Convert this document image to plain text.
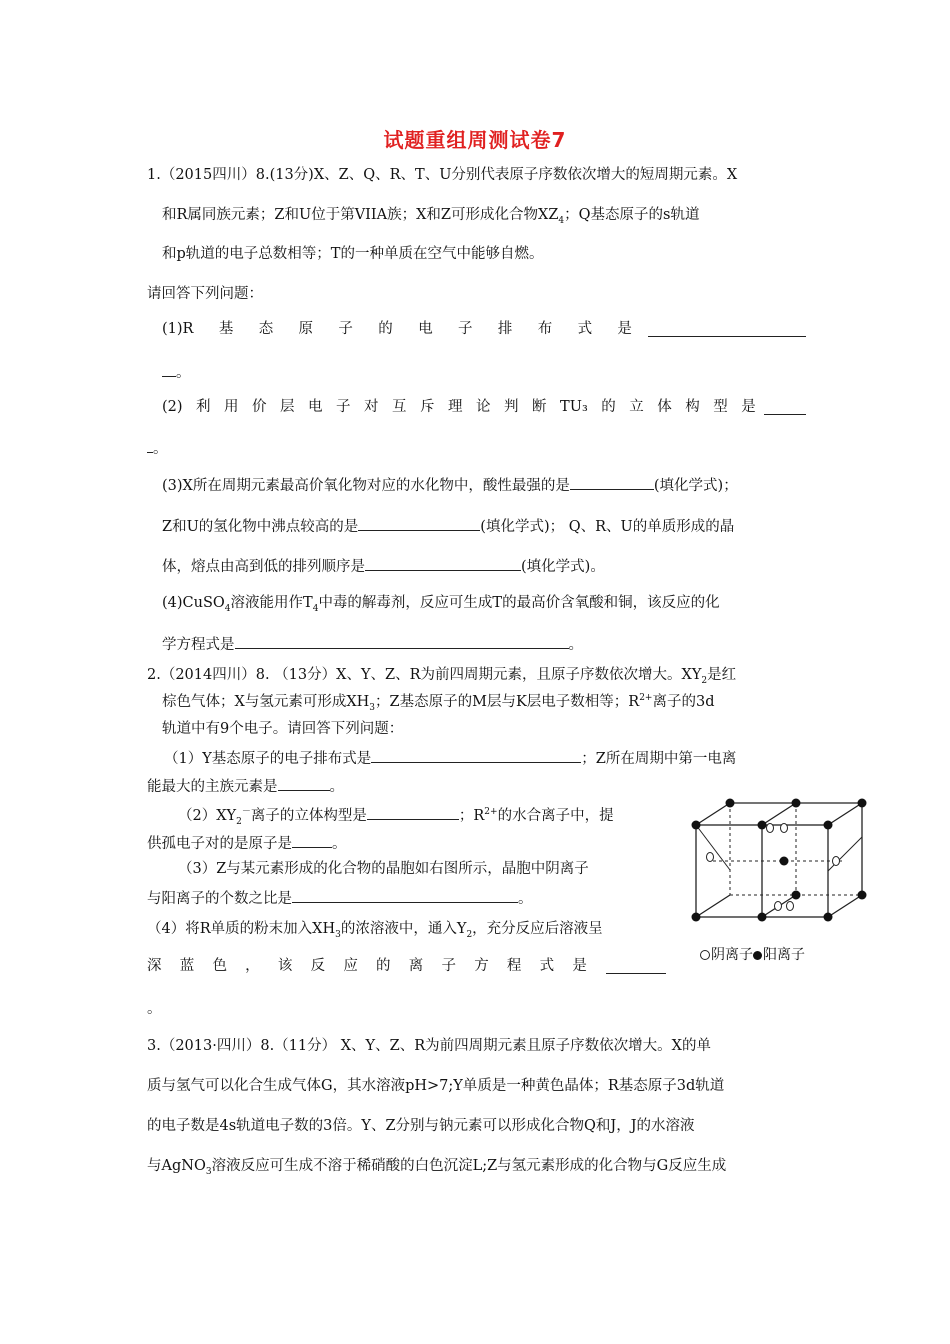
试题重组周测试卷7
1.（2015四川）8.(13分)X、Z、Q、R、T、U分别代表原子序数依次增大的短周期元素。X
和R属同族元素；Z和U位于第VIIA族；X和Z可形成化合物$XZ_4$；Q基态原子的s轨道
和p轨道的电子总数相等；T的一种单质在空气中能够自燃。
请回答下列问题：
(1)R 基 态 原 子 的 电 子 排 布 式 是
。
(2) 利 用 价 层 电 子 对 互 斥 理 论 判 断 TU₃ 的 立 体 构 型 是
。
(3)X所在周期元素最高价氧化物对应的水化物中，酸性最强的是	(填化学式)；
Z和U的氢化物中沸点较高的是	(填化学式)； Q、R、U的单质形成的晶
体，熔点由高到低的排列顺序是	(填化学式)。
(4)CuSO$_4$溶液能用作$T_4$中毒的解毒剂，反应可生成T的最高价含氧酸和铜，该反应的化
学方程式是	。
2.（2014四川）8. （13分）X、Y、Z、R为前四周期元素，且原子序数依次增大。$XY_2$是红
棕色气体；X与氢元素可形成$XH_3$；Z基态原子的M层与K层电子数相等；$R^{2+}$离子的3d
轨道中有9个电子。请回答下列问题：
（1）Y基态原子的电子排布式是	；Z所在周期中第一电离
能最大的主族元素是	。
$(2)XY_2^-$离子的立体构型是	；$R^{2+}$的水合离子中，提
供孤电子对的是原子是	。
（3）Z与某元素形成的化合物的晶胞如右图所示，晶胞中阴离子
与阳离子的个数之比是	。
（4）将R单质的粉末加入$XH_3$的浓溶液中，通入$Y_2$，充分反应后溶液呈
深 蓝 色 ， 该 反 应 的 离 子 方 程 式 是
。
阴离子 阳离子
3.（2013·四川）8.（11分） X、Y、Z、R为前四周期元素且原子序数依次增大。X的单
质与氢气可以化合生成气体G，其水溶液pH>7;Y单质是一种黄色晶体；R基态原子3d轨道
的电子数是4s轨道电子数的3倍。Y、Z分别与钠元素可以形成化合物Q和J，J的水溶液
与AgNO$_3$溶液反应可生成不溶于稀硝酸的白色沉淀L;Z与氢元素形成的化合物与G反应生成
